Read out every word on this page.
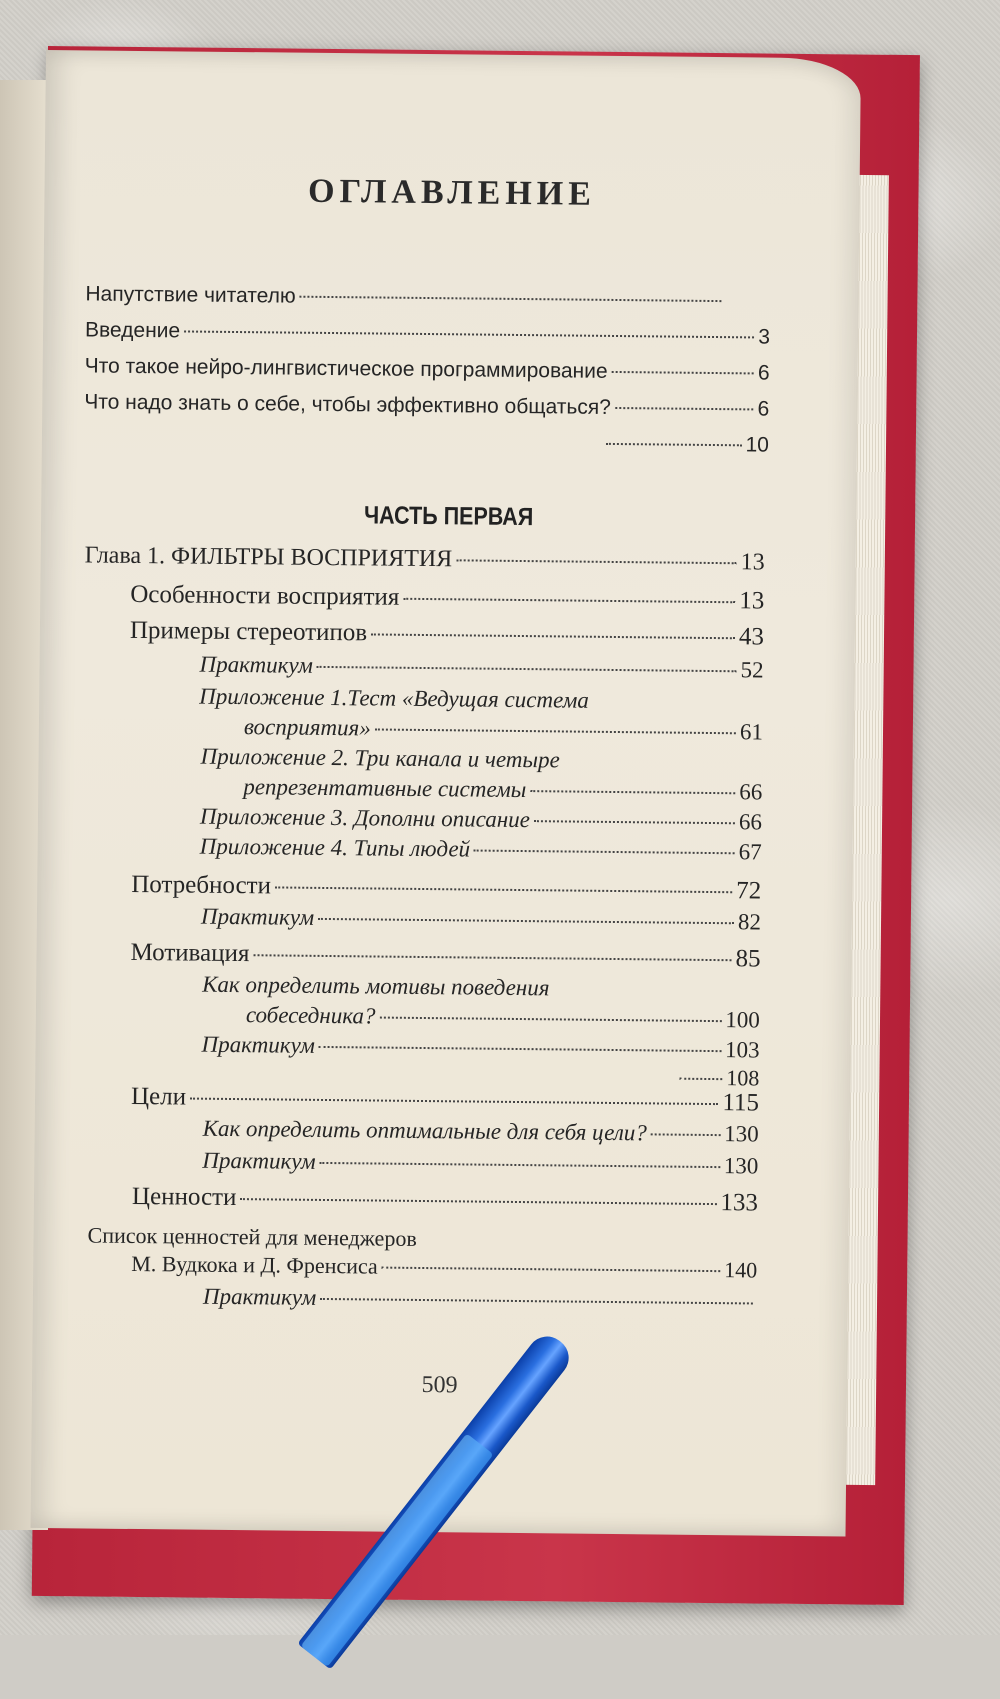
ОГЛАВЛЕНИЕ
Напутствие читателю
Введение	3
Что такое нейро-лингвистическое программирование	6
Что надо знать о себе, чтобы эффективно общаться?	6
10
ЧАСТЬ ПЕРВАЯ
Глава 1. ФИЛЬТРЫ ВОСПРИЯТИЯ	13
Особенности восприятия	13
Примеры стереотипов	43
Практикум	52
Приложение 1.Тест «Ведущая система
восприятия»	61
Приложение 2. Три канала и четыре
репрезентативные системы	66
Приложение 3. Дополни описание	66
Приложение 4. Типы людей	67
Потребности	72
Практикум	82
Мотивация	85
Как определить мотивы поведения
собеседника?	100
Практикум	103
108
Цели	115
Как определить оптимальные для себя цели?	130
Практикум	130
Ценности	133
Список ценностей для менеджеров
М. Вудкока и Д. Френсиса	140
Практикум
509
